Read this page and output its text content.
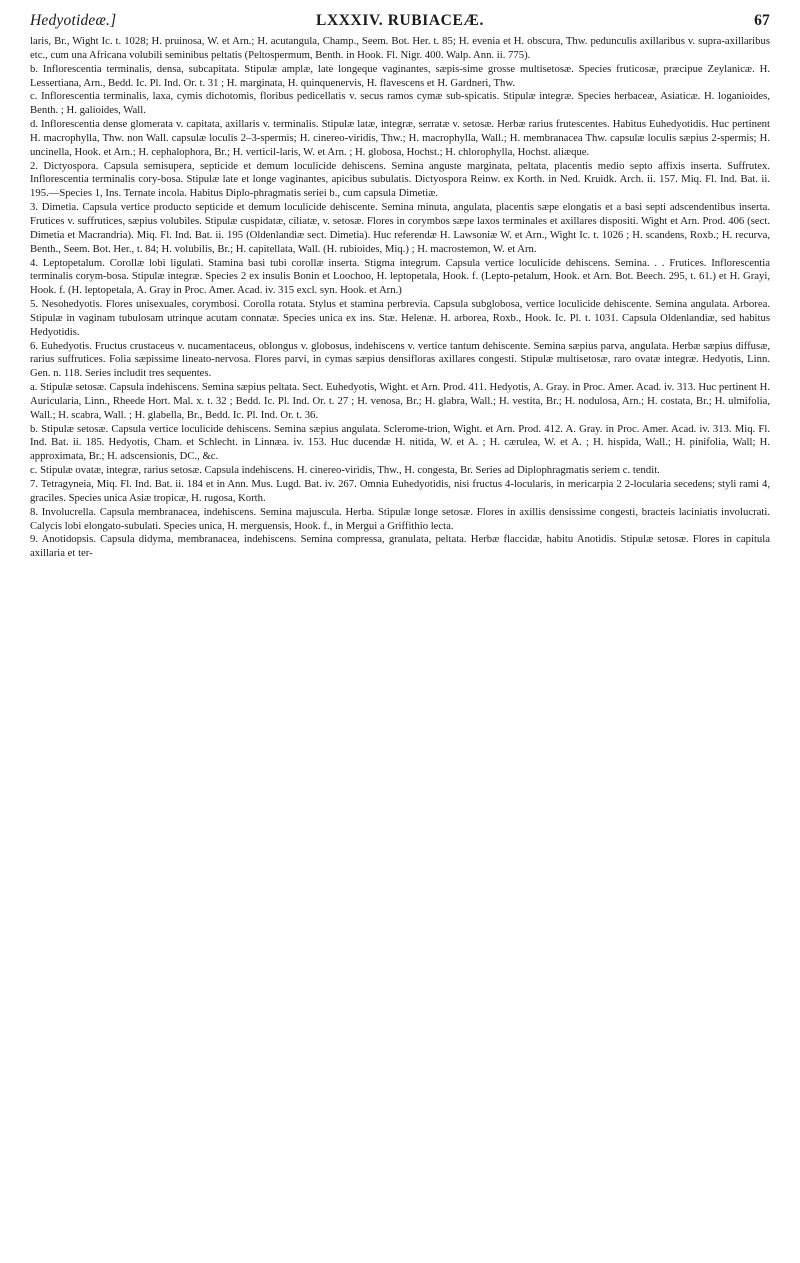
Hedyotideæ.]	LXXXIV. RUBIACEÆ.	67

laris, Br., Wight Ic. t. 1028; H. pruinosa, W. et Arn.; H. acutangula, Champ., Seem. Bot. Her. t. 85; H. evenia et H. obscura, Thw. pedunculis axillaribus v. supra-axillaribus etc., cum una Africana volubili seminibus peltatis (Peltospermum, Benth. in Hook. Fl. Nigr. 400. Walp. Ann. ii. 775).

b. Inflorescentia terminalis, densa, subcapitata. Stipulæ amplæ, late longeque vaginantes, sæpis-sime grosse multisetosæ. Species fruticosæ, præcipue Zeylanicæ. H. Lessertiana, Arn., Bedd. Ic. Pl. Ind. Or. t. 31 ; H. marginata, H. quinquenervis, H. flavescens et H. Gardneri, Thw.

c. Inflorescentia terminalis, laxa, cymis dichotomis, floribus pedicellatis v. secus ramos cymæ sub-spicatis. Stipulæ integræ. Species herbaceæ, Asiaticæ. H. loganioides, Benth. ; H. galioides, Wall.

d. Inflorescentia dense glomerata v. capitata, axillaris v. terminalis. Stipulæ latæ, integræ, serratæ v. setosæ. Herbæ rarius frutescentes. Habitus Euhedyotidis. Huc pertinent H. macrophylla, Thw. non Wall. capsulæ loculis 2–3-spermis; H. cinereo-viridis, Thw.; H. macrophylla, Wall.; H. membranacea Thw. capsulæ loculis sæpius 2-spermis; H. uncinella, Hook. et Arn.; H. cephalophora, Br.; H. verticil-laris, W. et Arn. ; H. globosa, Hochst.; H. chlorophylla, Hochst. aliæque.

2. Dictyospora. Capsula semisupera, septicide et demum loculicide dehiscens. Semina anguste marginata, peltata, placentis medio septo affixis inserta. Suffrutex. Inflorescentia terminalis cory-bosa. Stipulæ late et longe vaginantes, apicibus subulatis. Dictyospora Reinw. ex Korth. in Ned. Kruidk. Arch. ii. 157. Miq. Fl. Ind. Bat. ii. 195.—Species 1, Ins. Ternate incola. Habitus Diplo-phragmatis seriei b., cum capsula Dimetiæ.

3. Dimetia. Capsula vertice producto septicide et demum loculicide dehiscente. Semina minuta, angulata, placentis sæpe elongatis et a basi septi adscendentibus inserta. Frutices v. suffrutices, sæpius volubiles. Stipulæ cuspidatæ, ciliatæ, v. setosæ. Flores in corymbos sæpe laxos terminales et axillares dispositi. Wight et Arn. Prod. 406 (sect. Dimetia et Macrandria). Miq. Fl. Ind. Bat. ii. 195 (Oldenlandiæ sect. Dimetia). Huc referendæ H. Lawsoniæ W. et Arn., Wight Ic. t. 1026 ; H. scandens, Roxb.; H. recurva, Benth., Seem. Bot. Her., t. 84; H. volubilis, Br.; H. capitellata, Wall. (H. rubioides, Miq.) ; H. macrostemon, W. et Arn.

4. Leptopetalum. Corollæ lobi ligulati. Stamina basi tubi corollæ inserta. Stigma integrum. Capsula vertice loculicide dehiscens. Semina. . . Frutices. Inflorescentia terminalis corym-bosa. Stipulæ integræ. Species 2 ex insulis Bonin et Loochoo, H. leptopetala, Hook. f. (Lepto-petalum, Hook. et Arn. Bot. Beech. 295, t. 61.) et H. Grayi, Hook. f. (H. leptopetala, A. Gray in Proc. Amer. Acad. iv. 315 excl. syn. Hook. et Arn.)

5. Nesohedyotis. Flores unisexuales, corymbosi. Corolla rotata. Stylus et stamina perbrevia. Capsula subglobosa, vertice loculicide dehiscente. Semina angulata. Arborea. Stipulæ in vaginam tubulosam utrinque acutam connatæ. Species unica ex ins. Stæ. Helenæ. H. arborea, Roxb., Hook. Ic. Pl. t. 1031. Capsula Oldenlandiæ, sed habitus Hedyotidis.

6. Euhedyotis. Fructus crustaceus v. nucamentaceus, oblongus v. globosus, indehiscens v. vertice tantum dehiscente. Semina sæpius parva, angulata. Herbæ sæpius diffusæ, rarius suffrutices. Folia sæpissime lineato-nervosa. Flores parvi, in cymas sæpius densifloras axillares congesti. Stipulæ multisetosæ, raro ovatæ integræ. Hedyotis, Linn. Gen. n. 118. Series includit tres sequentes.

a. Stipulæ setosæ. Capsula indehiscens. Semina sæpius peltata. Sect. Euhedyotis, Wight. et Arn. Prod. 411. Hedyotis, A. Gray. in Proc. Amer. Acad. iv. 313. Huc pertinent H. Auricularia, Linn., Rheede Hort. Mal. x. t. 32 ; Bedd. Ic. Pl. Ind. Or. t. 27 ; H. venosa, Br.; H. glabra, Wall.; H. vestita, Br.; H. nodulosa, Arn.; H. costata, Br.; H. ulmifolia, Wall.; H. scabra, Wall. ; H. glabella, Br., Bedd. Ic. Pl. Ind. Or. t. 36.

b. Stipulæ setosæ. Capsula vertice loculicide dehiscens. Semina sæpius angulata. Sclerome-trion, Wight. et Arn. Prod. 412. A. Gray. in Proc. Amer. Acad. iv. 313. Miq. Fl. Ind. Bat. ii. 185. Hedyotis, Cham. et Schlecht. in Linnæa. iv. 153. Huc ducendæ H. nitida, W. et A. ; H. cærulea, W. et A. ; H. hispida, Wall.; H. pinifolia, Wall; H. approximata, Br.; H. adscensionis, DC., &c.

c. Stipulæ ovatæ, integræ, rarius setosæ. Capsula indehiscens. H. cinereo-viridis, Thw., H. congesta, Br. Series ad Diplophragmatis seriem c. tendit.

7. Tetragyneia, Miq. Fl. Ind. Bat. ii. 184 et in Ann. Mus. Lugd. Bat. iv. 267. Omnia Euhedyotidis, nisi fructus 4-locularis, in mericarpia 2 2-locularia secedens; styli rami 4, graciles. Species unica Asiæ tropicæ, H. rugosa, Korth.

8. Involucrella. Capsula membranacea, indehiscens. Semina majuscula. Herba. Stipulæ longe setosæ. Flores in axillis densissime congesti, bracteis laciniatis involucrati. Calycis lobi elongato-subulati. Species unica, H. merguensis, Hook. f., in Mergui a Griffithio lecta.

9. Anotidopsis. Capsula didyma, membranacea, indehiscens. Semina compressa, granulata, peltata. Herbæ flaccidæ, habitu Anotidis. Stipulæ setosæ. Flores in capitula axillaria et ter-
